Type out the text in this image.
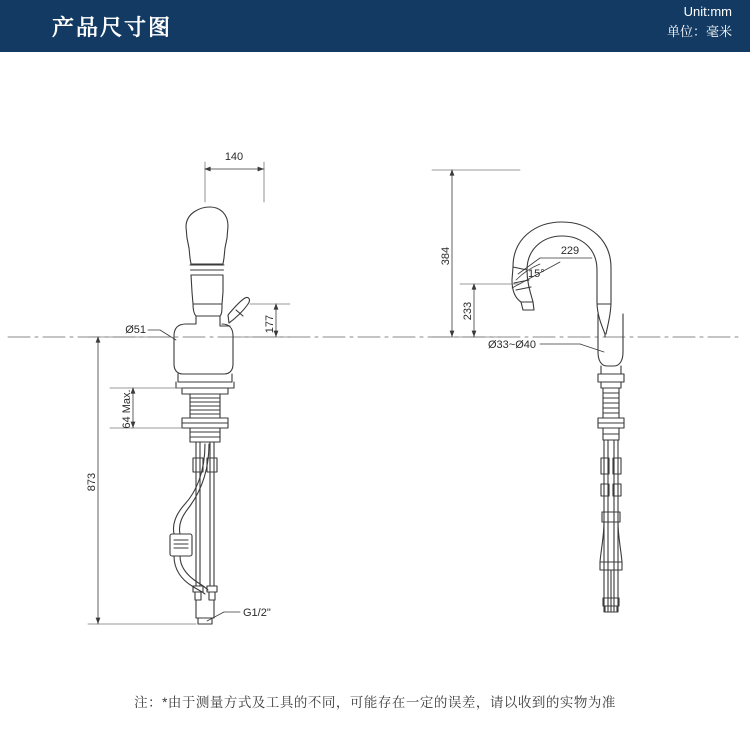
产品尺寸图
Unit:mm
单位：毫米
140
177
Ø51
64 Max.
873
G1/2"
384
233
229
15°
Ø33~Ø40
注：*由于测量方式及工具的不同，可能存在一定的误差，请以收到的实物为准
